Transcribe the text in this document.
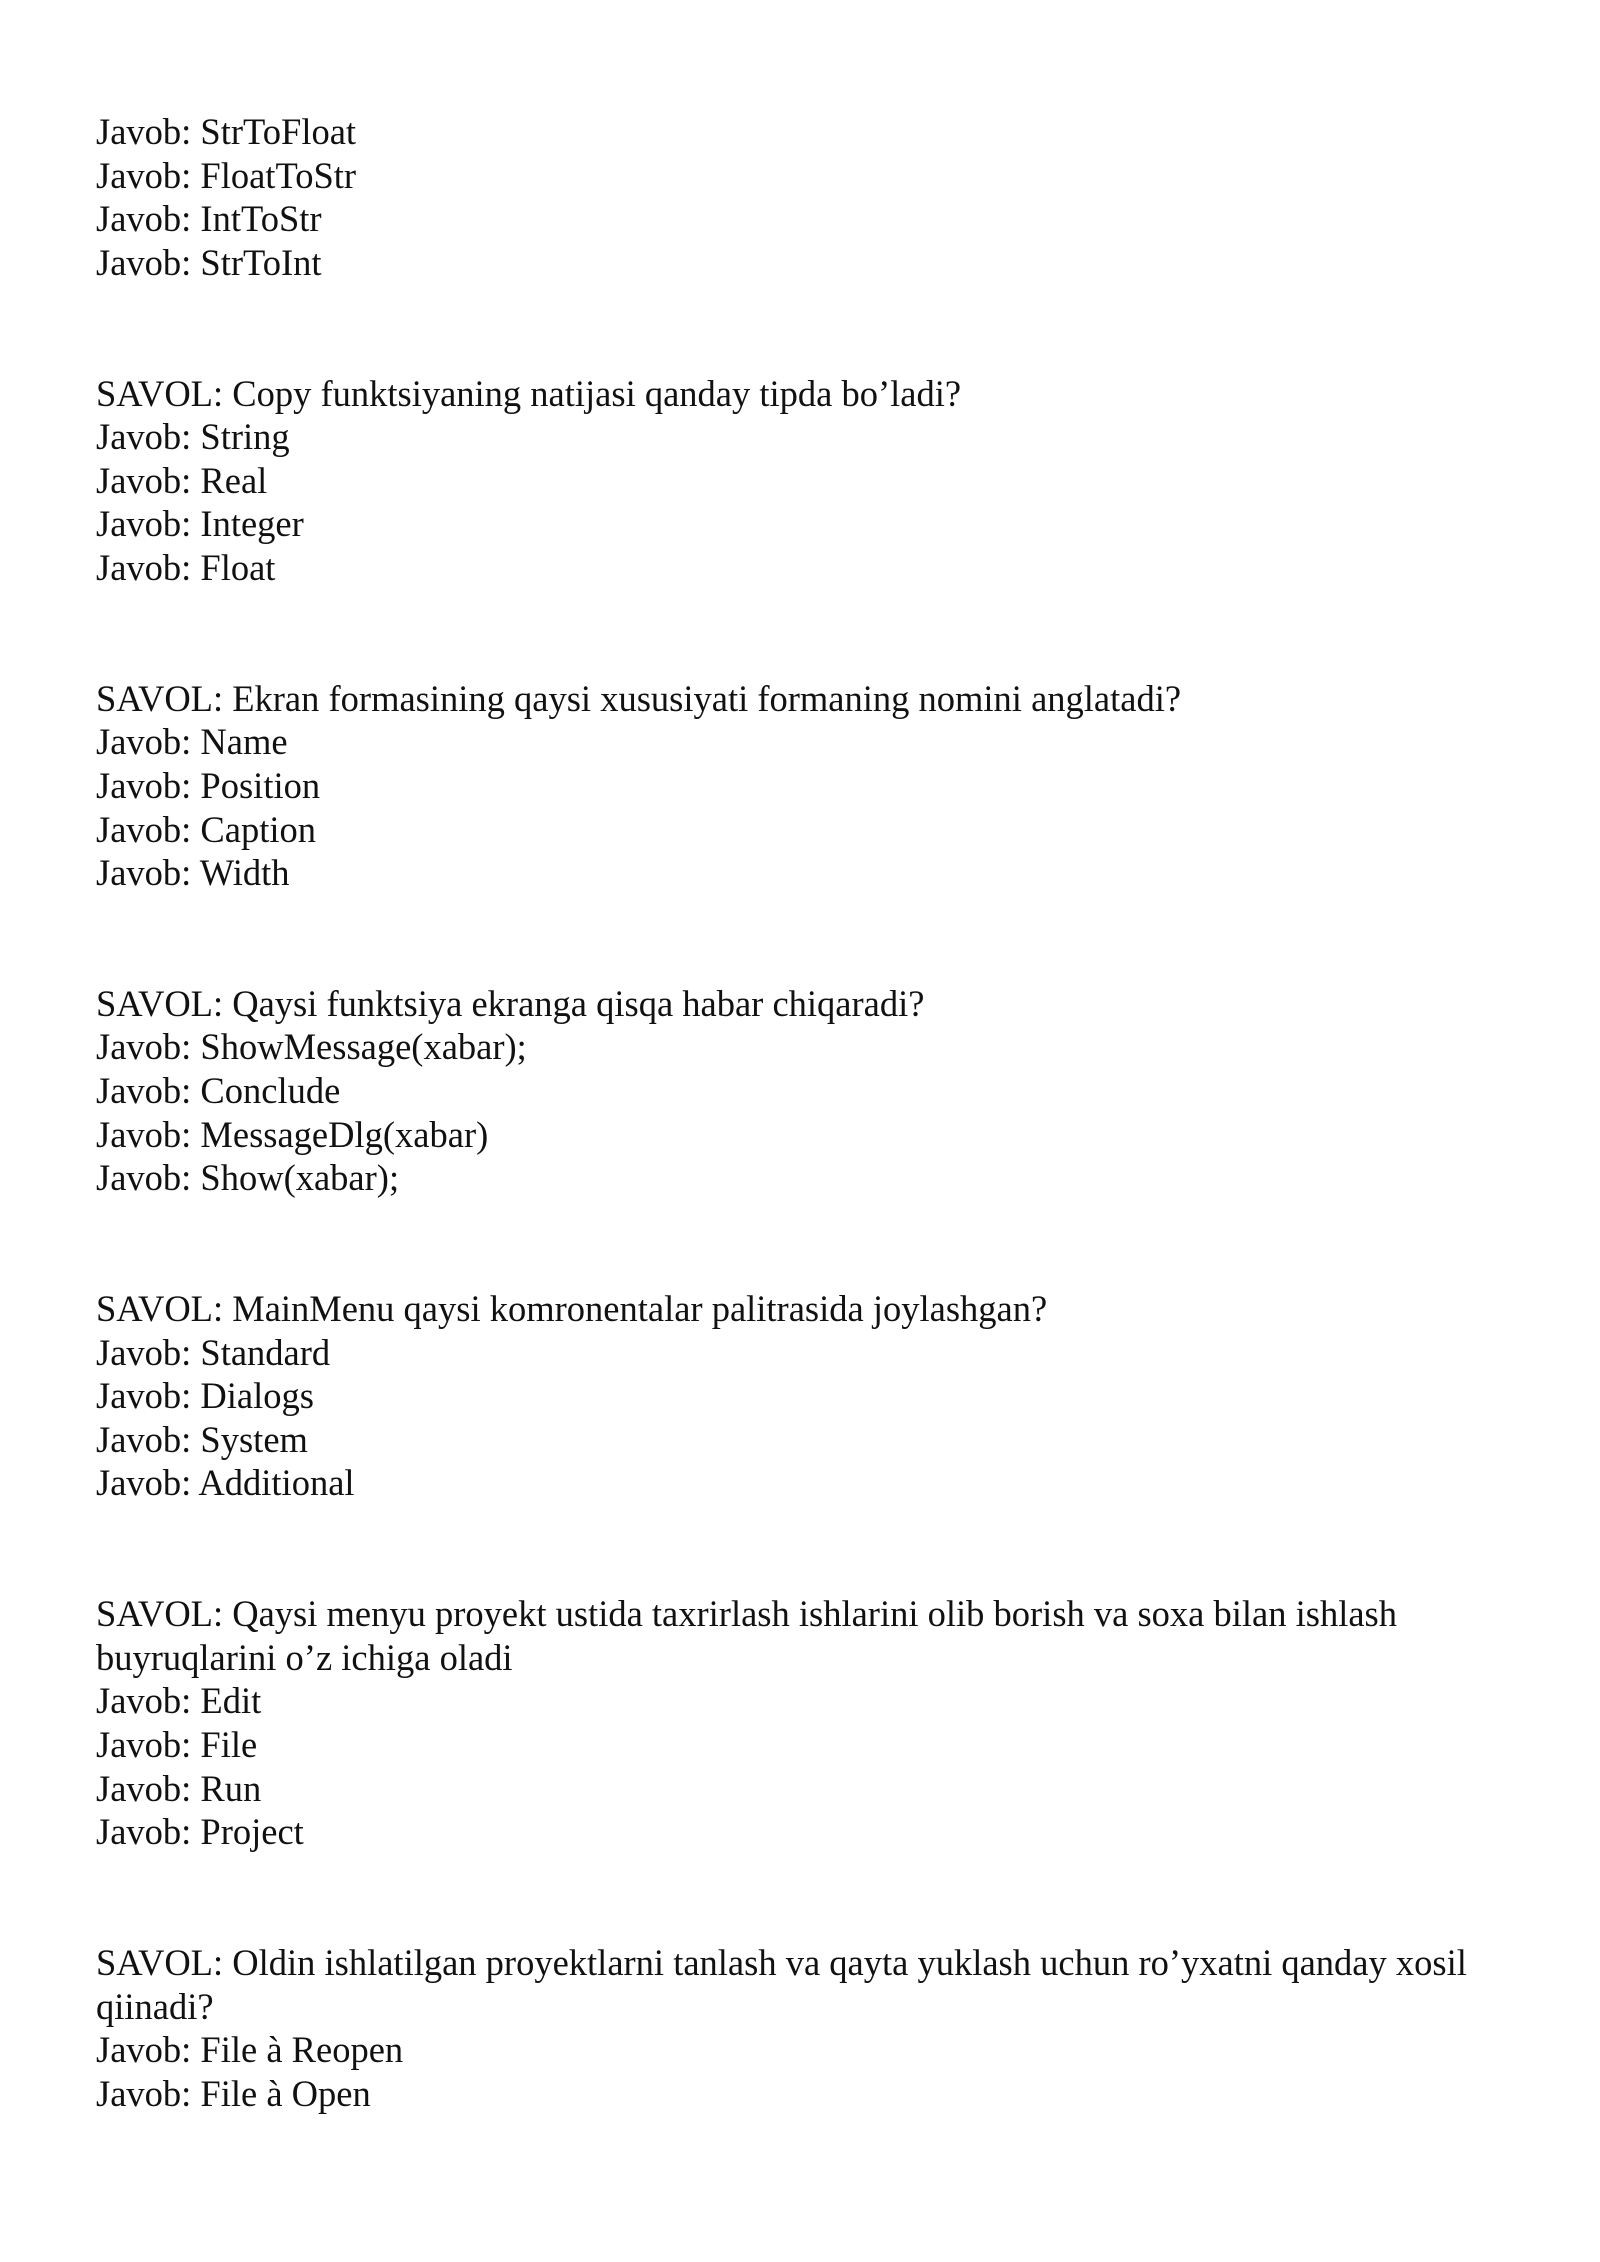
Javob: StrToFloat
Javob: FloatToStr
Javob: IntToStr
Javob: StrToInt
SAVOL: Copy funktsiyaning natijasi qanday tipda bo’ladi?
Javob: String
Javob: Real
Javob: Integer
Javob: Float
SAVOL: Ekran formasining qaysi xususiyati formaning nomini anglatadi?
Javob: Name
Javob: Position
Javob: Caption
Javob: Width
SAVOL: Qaysi funktsiya ekranga qisqa habar chiqaradi?
Javob: ShowMessage(xabar);
Javob: Conclude
Javob: MessageDlg(xabar)
Javob: Show(xabar);
SAVOL: MainMenu qaysi komronentalar palitrasida joylashgan?
Javob: Standard
Javob: Dialogs
Javob: System
Javob: Additional
SAVOL: Qaysi menyu proyekt ustida taxrirlash ishlarini olib borish va soxa bilan ishlash buyruqlarini o’z ichiga oladi
Javob: Edit
Javob: File
Javob: Run
Javob: Project
SAVOL: Oldin ishlatilgan proyektlarni tanlash va qayta yuklash uchun ro’yxatni qanday xosil qiinadi?
Javob: File à Reopen
Javob: File à Open
